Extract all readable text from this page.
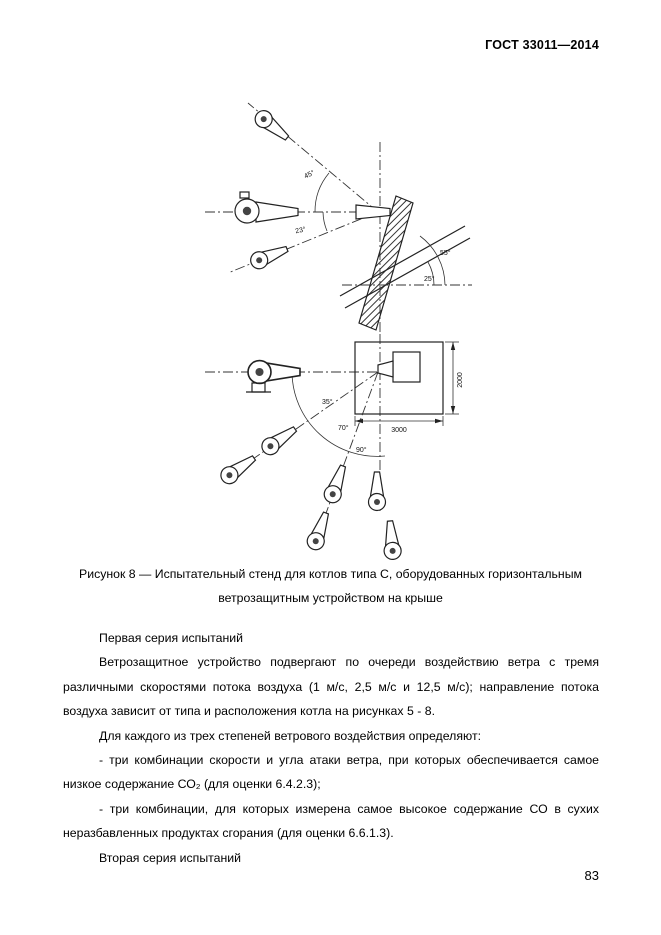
ГОСТ 33011—2014
45°
23°
55°
25°
35°
70°
90°
3000
2000
Рисунок 8 — Испытательный стенд для котлов типа С, оборудованных горизонтальным ветрозащитным устройством на крыше

Первая серия испытаний

Ветрозащитное устройство подвергают по очереди воздействию ветра с тремя различными скоростями потока воздуха (1 м/с, 2,5 м/с и 12,5 м/с); направление потока воздуха зависит от типа и расположения котла на рисунках 5 - 8.

Для каждого из трех степеней ветрового воздействия определяют:

- три комбинации скорости и угла атаки ветра, при которых обеспечивается самое низкое содержание СО₂ (для оценки 6.4.2.3);

- три комбинации, для которых измерена самое высокое содержание СО в сухих неразбавленных продуктах сгорания (для оценки 6.6.1.3).

Вторая серия испытаний

83
